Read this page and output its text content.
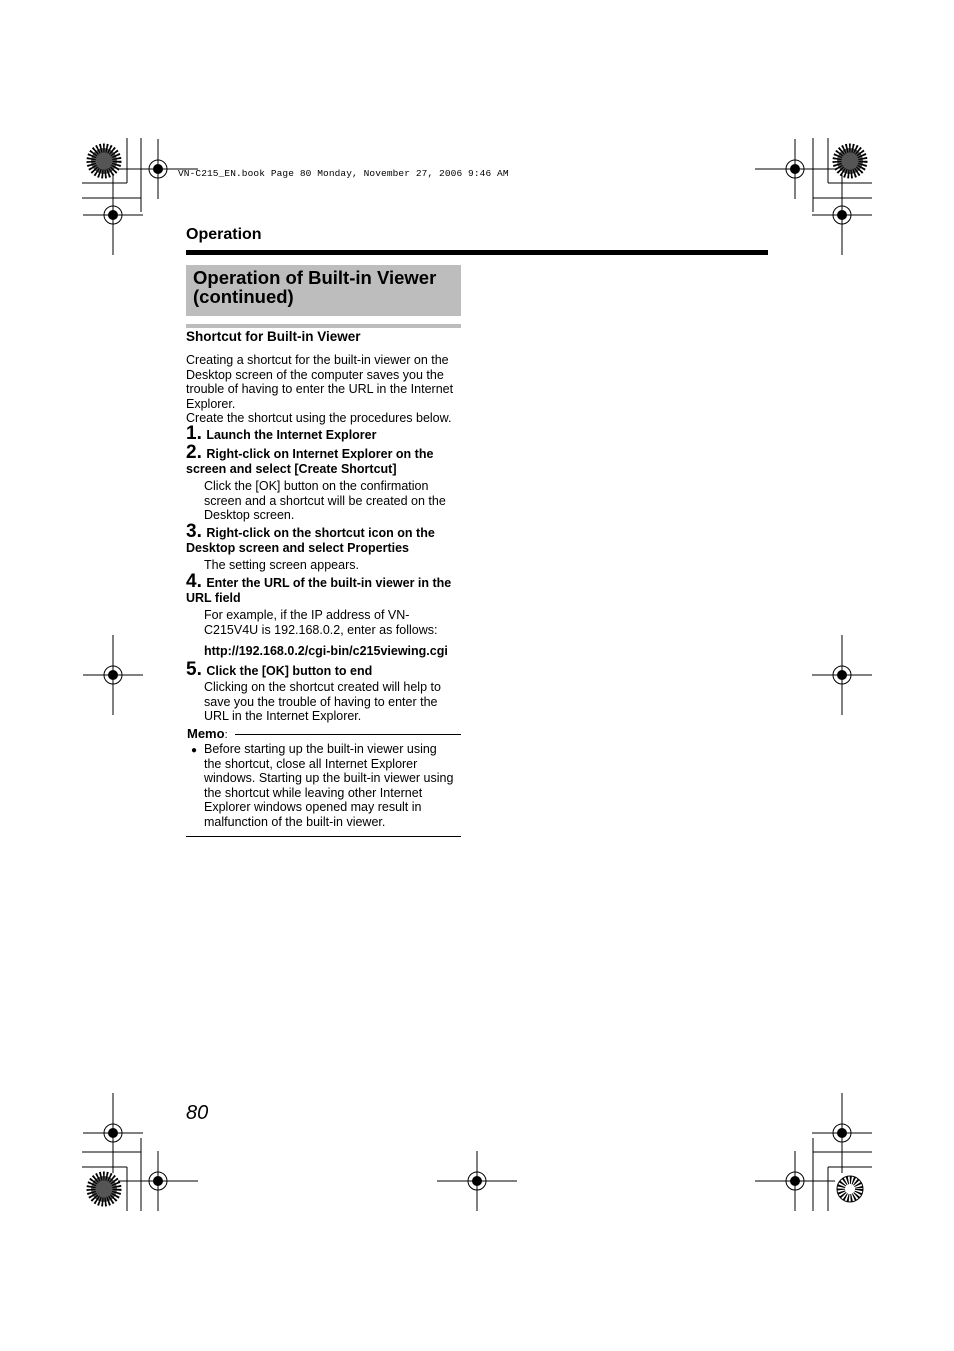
VN-C215_EN.book Page 80 Monday, November 27, 2006 9:46 AM
Operation
Operation of Built-in Viewer
(continued)
Shortcut for Built-in Viewer
Creating a shortcut for the built-in viewer on the
Desktop screen of the computer saves you the
trouble of having to enter the URL in the Internet
Explorer.
Create the shortcut using the procedures below.
1. Launch the Internet Explorer
2. Right-click on Internet Explorer on the
screen and select [Create Shortcut]
Click the [OK] button on the confirmation
screen and a shortcut will be created on the
Desktop screen.
3. Right-click on the shortcut icon on the
Desktop screen and select Properties
The setting screen appears.
4. Enter the URL of the built-in viewer in the
URL field
For example, if the IP address of VN-
C215V4U is 192.168.0.2, enter as follows:
http://192.168.0.2/cgi-bin/c215viewing.cgi
5. Click the [OK] button to end
Clicking on the shortcut created will help to
save you the trouble of having to enter the
URL in the Internet Explorer.
Memo:
● Before starting up the built-in viewer using
the shortcut, close all Internet Explorer
windows. Starting up the built-in viewer using
the shortcut while leaving other Internet
Explorer windows opened may result in
malfunction of the built-in viewer.
80
